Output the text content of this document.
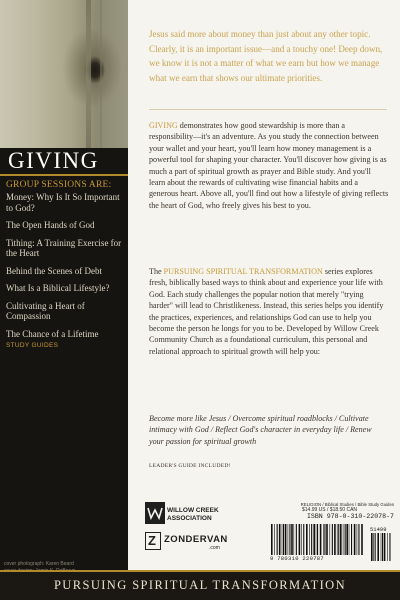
GIVING
GROUP SESSIONS ARE:
Money: Why Is It So Important to God?
The Open Hands of God
Tithing: A Training Exercise for the Heart
Behind the Scenes of Debt
What Is a Biblical Lifestyle?
Cultivating a Heart of Compassion
The Chance of a Lifetime
STUDY GUIDES
cover photograph: Karen Beard
Jesus said more about money than just about any other topic. Clearly, it is an important issue—and a touchy one! Deep down, we know it is not a matter of what we earn but how we manage what we earn that shows our ultimate priorities.
GIVING demonstrates how good stewardship is more than a responsibility—it's an adventure. As you study the connection between your wallet and your heart, you'll learn how money management is a powerful tool for shaping your character. You'll discover how giving is as much a part of spiritual growth as prayer and Bible study. And you'll learn about the rewards of cultivating wise financial habits and a generous heart. Above all, you'll find out how a lifestyle of giving reflects the heart of God, who freely gives his best to you.
The PURSUING SPIRITUAL TRANSFORMATION series explores fresh, biblically based ways to think about and experience your life with God. Each study challenges the popular notion that merely "trying harder" will lead to Christlikeness. Instead, this series helps you identify the practices, experiences, and relationships God can use to help you become the person he longs for you to be. Developed by Willow Creek Community Church as a foundational curriculum, this personal and relational approach to spiritual growth will help you:
Become more like Jesus / Overcome spiritual roadblocks / Cultivate intimacy with God / Reflect God's character in everyday life / Renew your passion for spiritual growth
LEADER'S GUIDE INCLUDED!
WILLOW CREEK
ASSOCIATION
Z ZONDERVAN
.com
RELIGION / Biblical Studies / Bible Study Guides
$14.99 US / $18.50 CAN
ISBN 978-0-310-22078-7
9 780310 220787
51499
PURSUING SPIRITUAL TRANSFORMATION
